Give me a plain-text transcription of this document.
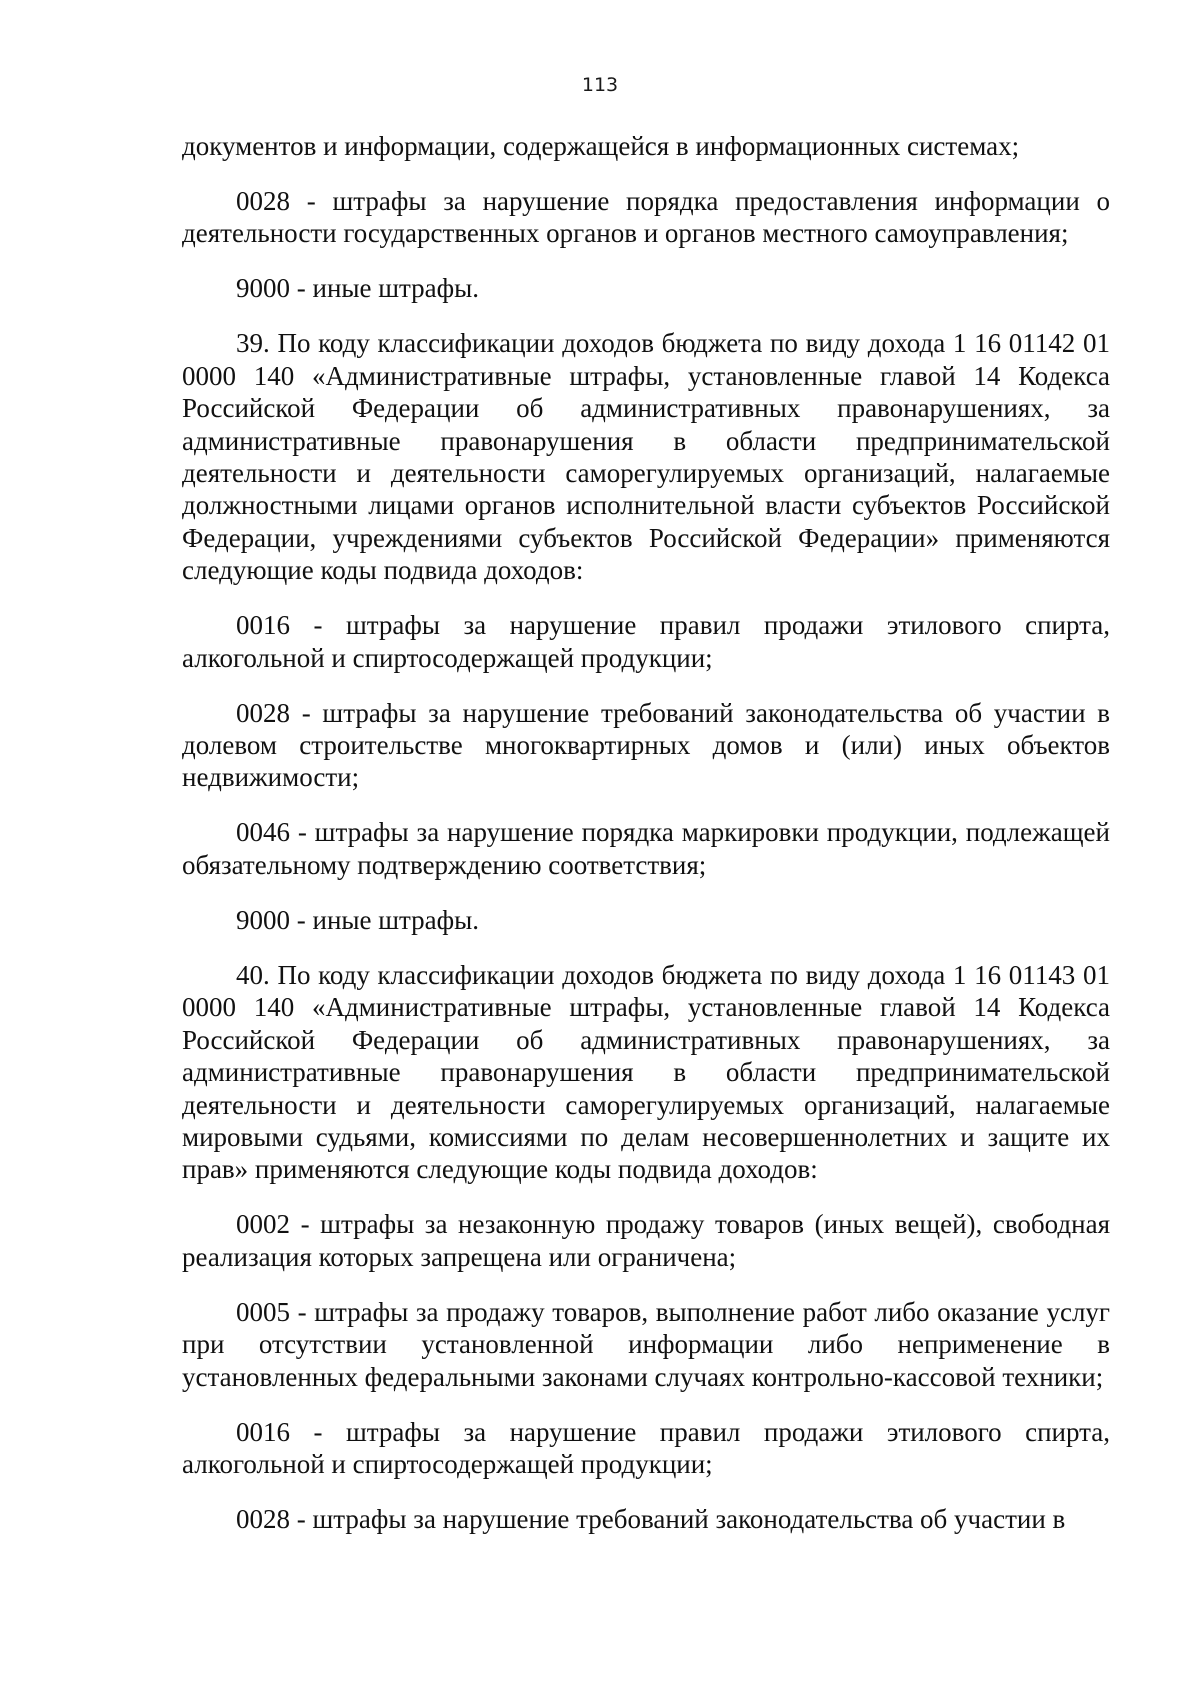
113

документов и информации, содержащейся в информационных системах;

0028 - штрафы за нарушение порядка предоставления информации о деятельности государственных органов и органов местного самоуправления;

9000 - иные штрафы.

39. По коду классификации доходов бюджета по виду дохода 1 16 01142 01 0000 140 «Административные штрафы, установленные главой 14 Кодекса Российской Федерации об административных правонарушениях, за административные правонарушения в области предпринимательской деятельности и деятельности саморегулируемых организаций, налагаемые должностными лицами органов исполнительной власти субъектов Российской Федерации, учреждениями субъектов Российской Федерации» применяются следующие коды подвида доходов:

0016 - штрафы за нарушение правил продажи этилового спирта, алкогольной и спиртосодержащей продукции;

0028 - штрафы за нарушение требований законодательства об участии в долевом строительстве многоквартирных домов и (или) иных объектов недвижимости;

0046 - штрафы за нарушение порядка маркировки продукции, подлежащей обязательному подтверждению соответствия;

9000 - иные штрафы.

40. По коду классификации доходов бюджета по виду дохода 1 16 01143 01 0000 140 «Административные штрафы, установленные главой 14 Кодекса Российской Федерации об административных правонарушениях, за административные правонарушения в области предпринимательской деятельности и деятельности саморегулируемых организаций, налагаемые мировыми судьями, комиссиями по делам несовершеннолетних и защите их прав» применяются следующие коды подвида доходов:

0002 - штрафы за незаконную продажу товаров (иных вещей), свободная реализация которых запрещена или ограничена;

0005 - штрафы за продажу товаров, выполнение работ либо оказание услуг при отсутствии установленной информации либо неприменение в установленных федеральными законами случаях контрольно-кассовой техники;

0016 - штрафы за нарушение правил продажи этилового спирта, алкогольной и спиртосодержащей продукции;

0028 - штрафы за нарушение требований законодательства об участии в
